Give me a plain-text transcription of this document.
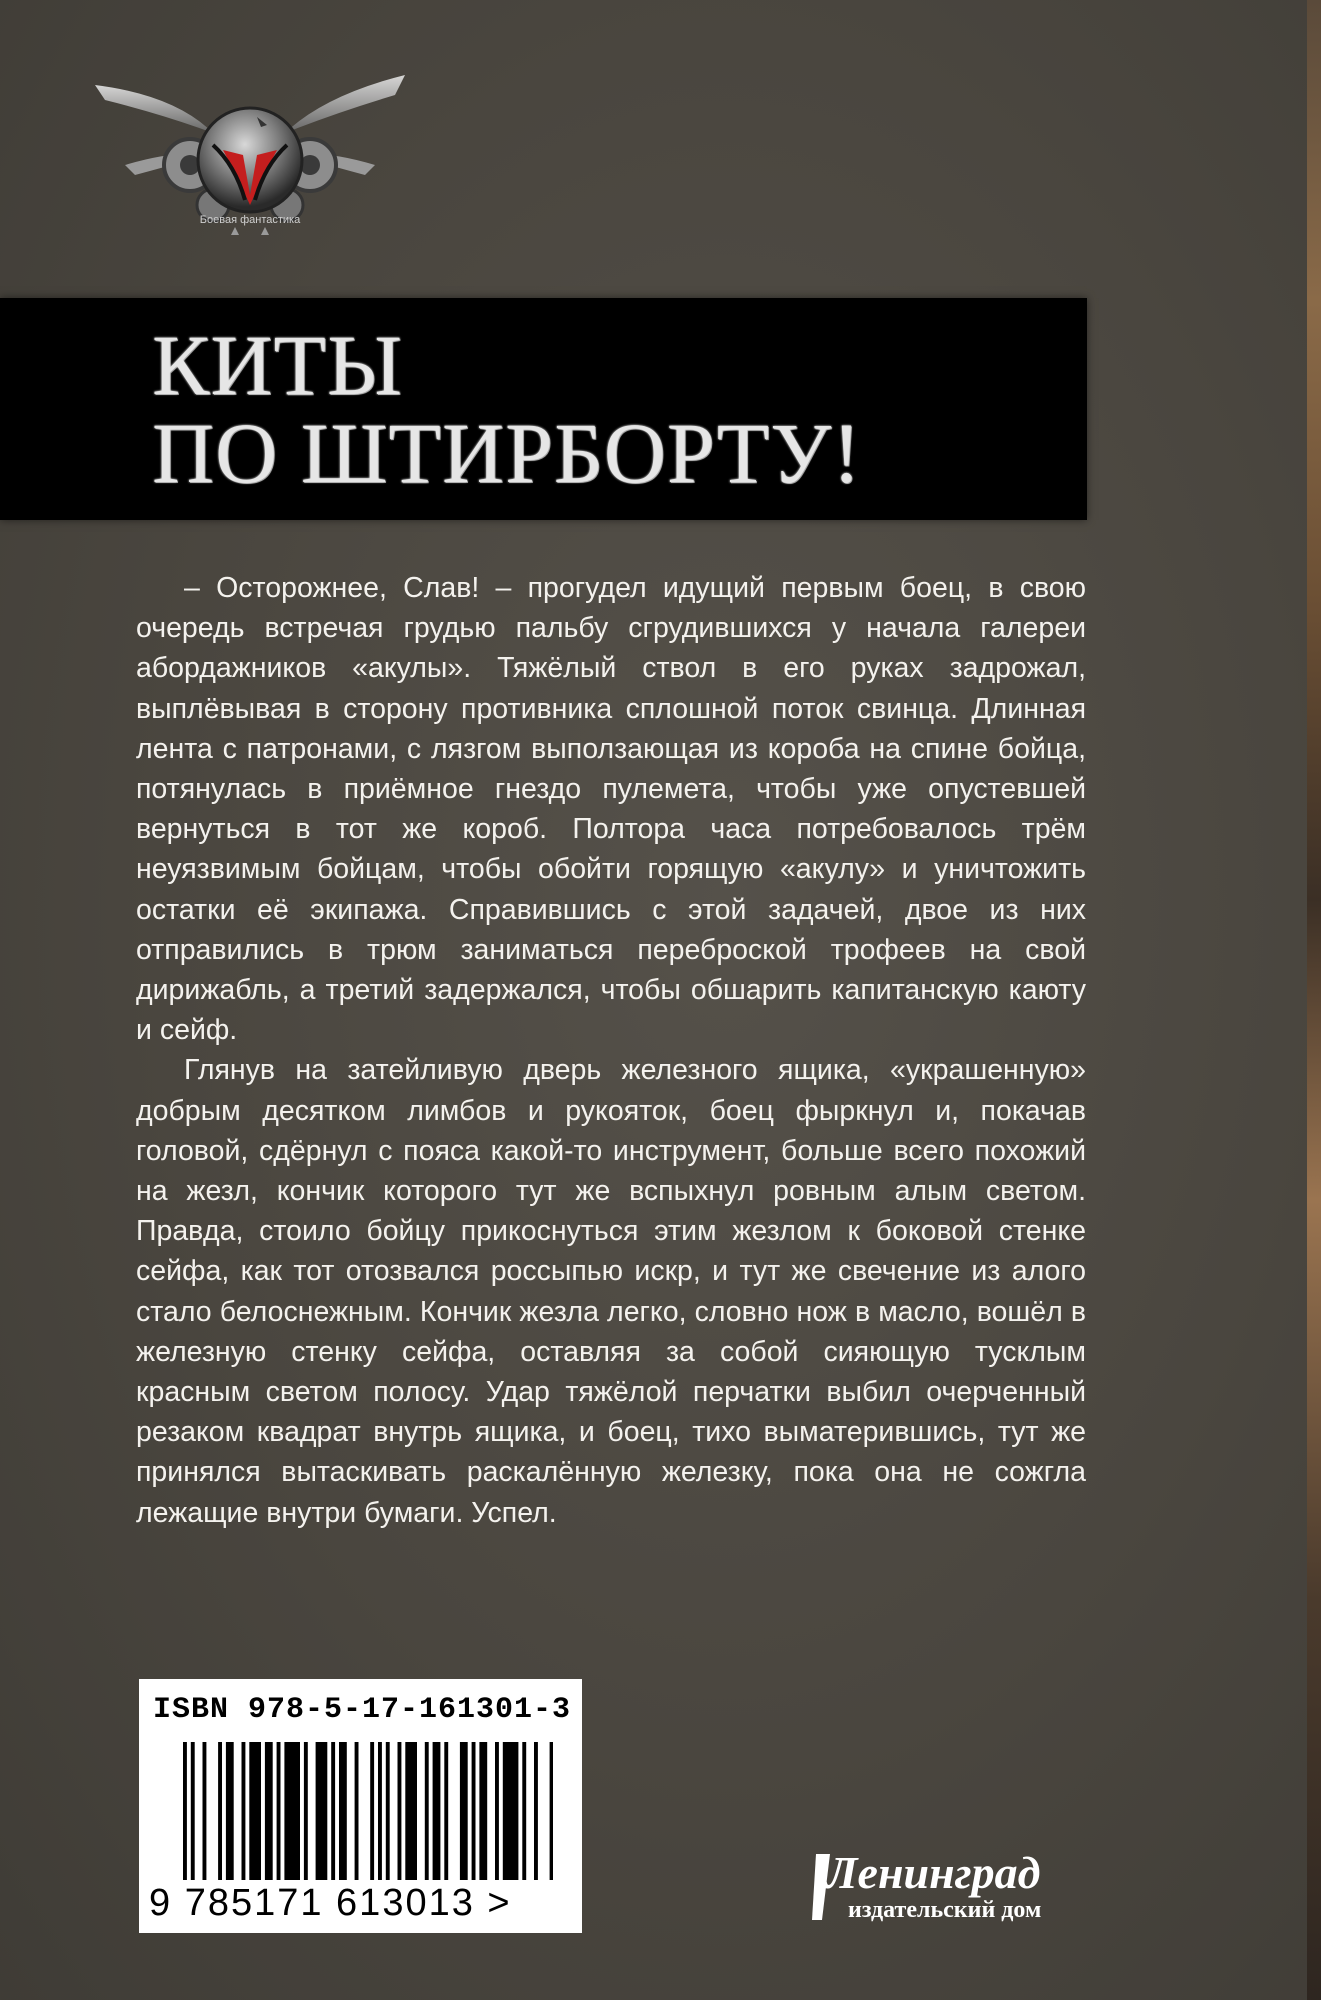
Боевая фантастика
КИТЫ
ПО ШТИРБОРТУ!

– Осторожнее, Слав! – прогудел идущий первым боец, в свою очередь встречая грудью пальбу сгрудившихся у начала галереи абордажников «акулы». Тяжёлый ствол в его руках задрожал, выплёвывая в сторону противника сплошной поток свинца. Длинная лента с патронами, с лязгом выползающая из короба на спине бойца, потянулась в приёмное гнездо пулемета, чтобы уже опустевшей вернуться в тот же короб. Полтора часа потребовалось трём неуязвимым бойцам, чтобы обойти горящую «акулу» и уничтожить остатки её экипажа. Справившись с этой задачей, двое из них отправились в трюм заниматься переброской трофеев на свой дирижабль, а третий задержался, чтобы обшарить капитанскую каюту и сейф.

Глянув на затейливую дверь железного ящика, «украшенную» добрым десятком лимбов и рукояток, боец фыркнул и, покачав головой, сдёрнул с пояса какой-то инструмент, больше всего похожий на жезл, кончик которого тут же вспыхнул ровным алым светом. Правда, стоило бойцу прикоснуться этим жезлом к боковой стенке сейфа, как тот отозвался россыпью искр, и тут же свечение из алого стало белоснежным. Кончик жезла легко, словно нож в масло, вошёл в железную стенку сейфа, оставляя за собой сияющую тусклым красным светом полосу. Удар тяжёлой перчатки выбил очерченный резаком квадрат внутрь ящика, и боец, тихо выматерившись, тут же принялся вытаскивать раскалённую железку, пока она не сожгла лежащие внутри бумаги. Успел.

ISBN 978-5-17-161301-3

9 785171 613013 >

Ленинград

издательский дом
